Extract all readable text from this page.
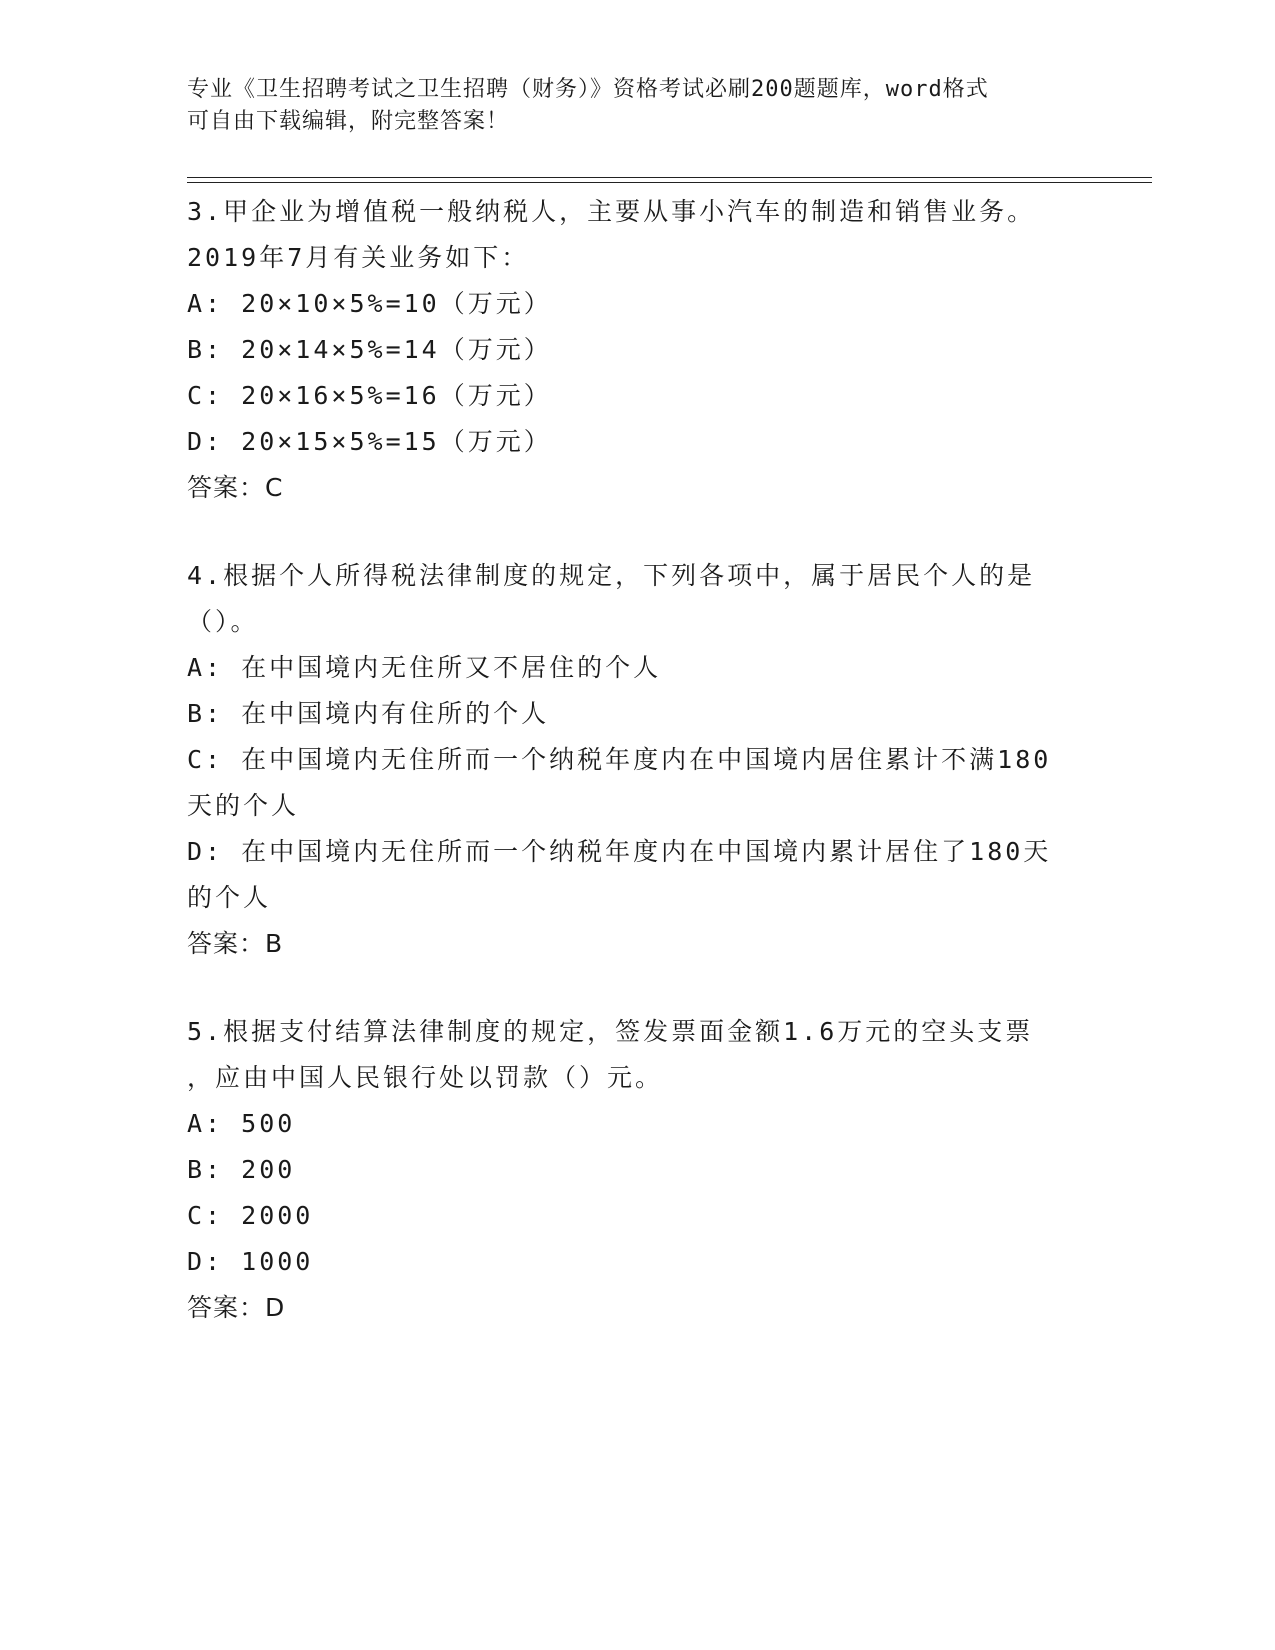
专业《卫生招聘考试之卫生招聘（财务）》资格考试必刷200题题库，word格式
可自由下载编辑，附完整答案！
3.甲企业为增值税一般纳税人，主要从事小汽车的制造和销售业务。
2019年7月有关业务如下：
A: 20×10×5%=10（万元）
B: 20×14×5%=14（万元）
C: 20×16×5%=16（万元）
D: 20×15×5%=15（万元）
答案：C
4.根据个人所得税法律制度的规定，下列各项中，属于居民个人的是
（）。
A: 在中国境内无住所又不居住的个人
B: 在中国境内有住所的个人
C: 在中国境内无住所而一个纳税年度内在中国境内居住累计不满180
天的个人
D: 在中国境内无住所而一个纳税年度内在中国境内累计居住了180天
的个人
答案：B
5.根据支付结算法律制度的规定，签发票面金额1.6万元的空头支票
，应由中国人民银行处以罚款（）元。
A: 500
B: 200
C: 2000
D: 1000
答案：D
